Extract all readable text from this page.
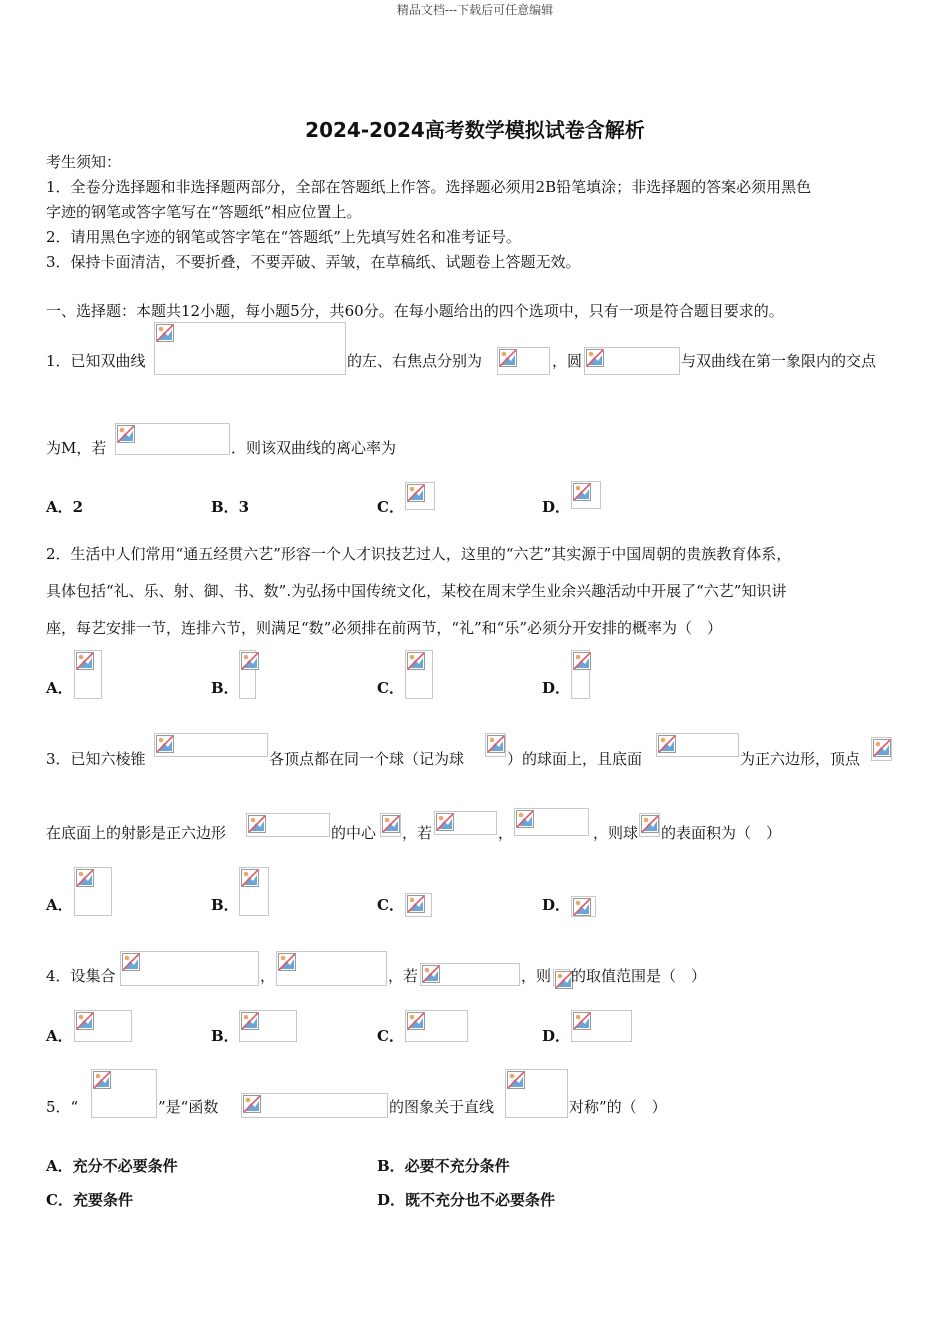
精品文档---下载后可任意编辑
2024-2024高考数学模拟试卷含解析
考生须知：
1．全卷分选择题和非选择题两部分，全部在答题纸上作答。选择题必须用2B铅笔填涂；非选择题的答案必须用黑色
字迹的钢笔或答字笔写在“答题纸”相应位置上。
2．请用黑色字迹的钢笔或答字笔在“答题纸”上先填写姓名和准考证号。
3．保持卡面清洁，不要折叠，不要弄破、弄皱，在草稿纸、试题卷上答题无效。
一、选择题：本题共12小题，每小题5分，共60分。在每小题给出的四个选项中，只有一项是符合题目要求的。
1．已知双曲线	的左、右焦点分别为	，圆	与双曲线在第一象限内的交点
为M，若	．则该双曲线的离心率为
A．2	B．3	C．	D．
2．生活中人们常用“通五经贯六艺”形容一个人才识技艺过人，这里的“六艺”其实源于中国周朝的贵族教育体系，
具体包括“礼、乐、射、御、书、数”.为弘扬中国传统文化，某校在周末学生业余兴趣活动中开展了“六艺”知识讲
座，每艺安排一节，连排六节，则满足“数”必须排在前两节，“礼”和“乐”必须分开安排的概率为（　）
A．	B．	C．	D．
3．已知六棱锥	各顶点都在同一个球（记为球	）的球面上，且底面	为正六边形，顶点
在底面上的射影是正六边形	的中心 ，若	，	，则球 的表面积为（　）
A．	B．	C．	D．
4．设集合	，	，若	，则 的取值范围是（　）
A．	B．	C．	D．
5．“	”是“函数	的图象关于直线	对称”的（　）
A．充分不必要条件	B．必要不充分条件
C．充要条件	D．既不充分也不必要条件
